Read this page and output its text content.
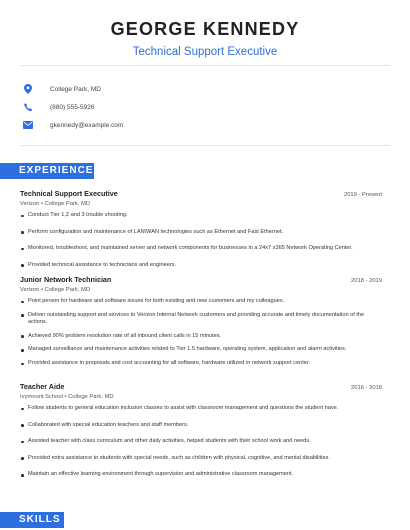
GEORGE KENNEDY
Technical Support Executive
College Park, MD
(880) 555-5926
gkennedy@example.com
EXPERIENCE
Technical Support Executive	2019 - Present
Verizon • College Park, MD
Conduct Tier 1,2 and 3 trouble shooting.
Perform configuration and maintenance of LAN\WAN technologies such as Ethernet and Fast Ethernet.
Monitored, troubleshoot, and maintained server and network components for businesses in a 24x7 x365 Network Operating Center.
Provided technical assistance to technicians and engineers.
Junior Network Technician	2018 - 2019
Verizon • College Park, MD
Point person for hardware and software issues for both existing and new customers and my colleagues.
Deliver outstanding support and services to Verizon Internal Network customers and providing accurate and timely documentation of the actions.
Achieved 90% problem resolution rate of all inbound client calls in 15 minutes.
Managed surveillance and maintenance activities related to Tier 1.5 hardware, operating system, application and alarm activities.
Provided assistance in proposals and cost accounting for all software, hardware utilized in network support center.
Teacher Aide	2016 - 2018
Ivymount School • College Park, MD
Follow students to general education inclusion classes to assist with classroom management and questions the student have.
Collaborated with special education teachers and staff members.
Assisted teacher with class curriculum and other daily activities, helped students with their school work and needs.
Provided extra assistance to students with special needs, such as children with physical, cognitive, and mental disabilities.
Maintain an effective learning environment through supervision and administrative classroom management.
SKILLS
